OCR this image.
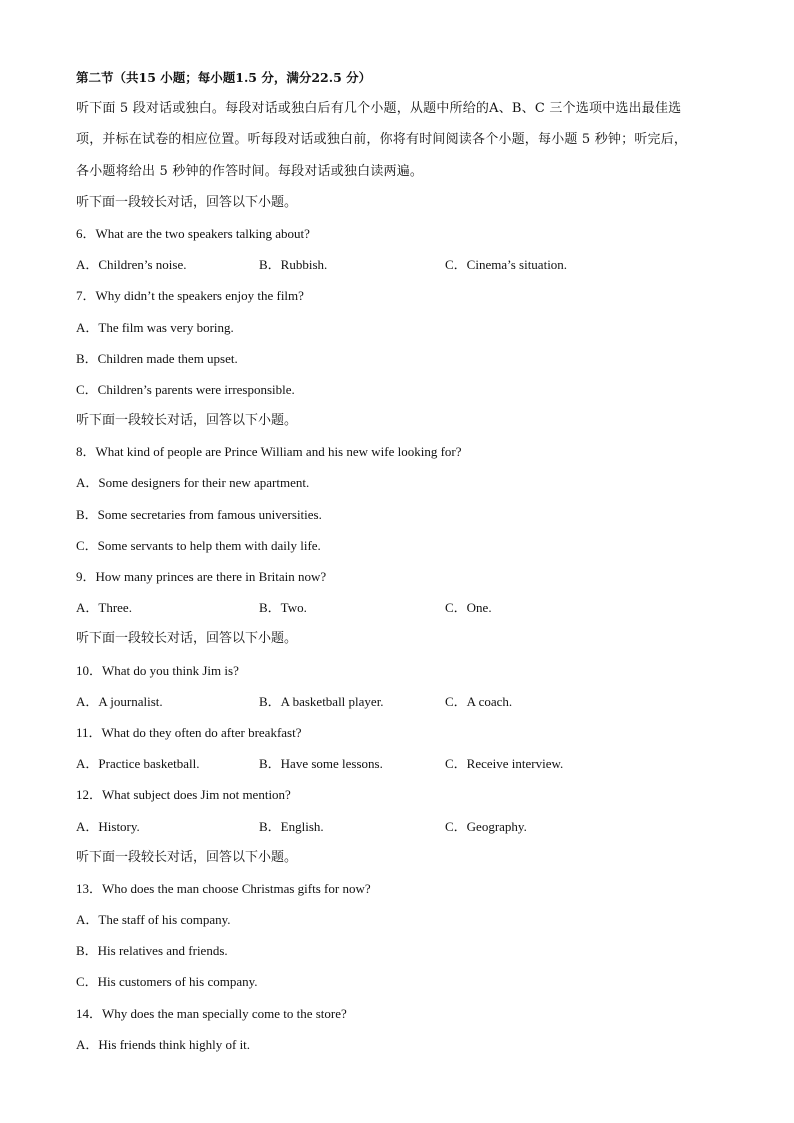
第二节（共15 小题；每小题1.5 分，满分22.5 分）
听下面 5 段对话或独白。每段对话或独白后有几个小题，从题中所给的A、B、C 三个选项中选出最佳选
项，并标在试卷的相应位置。听每段对话或独白前，你将有时间阅读各个小题，每小题 5 秒钟；听完后，
各小题将给出 5 秒钟的作答时间。每段对话或独白读两遍。
听下面一段较长对话，回答以下小题。
6．What are the two speakers talking about?
A．Children’s noise.	B．Rubbish.	C．Cinema’s situation.
7．Why didn’t the speakers enjoy the film?
A．The film was very boring.
B．Children made them upset.
C．Children’s parents were irresponsible.
听下面一段较长对话，回答以下小题。
8．What kind of people are Prince William and his new wife looking for?
A．Some designers for their new apartment.
B．Some secretaries from famous universities.
C．Some servants to help them with daily life.
9．How many princes are there in Britain now?
A．Three.	B．Two.	C．One.
听下面一段较长对话，回答以下小题。
10．What do you think Jim is?
A．A journalist.	B．A basketball player.	C．A coach.
11．What do they often do after breakfast?
A．Practice basketball.	B．Have some lessons.	C．Receive interview.
12．What subject does Jim not mention?
A．History.	B．English.	C．Geography.
听下面一段较长对话，回答以下小题。
13．Who does the man choose Christmas gifts for now?
A．The staff of his company.
B．His relatives and friends.
C．His customers of his company.
14．Why does the man specially come to the store?
A．His friends think highly of it.
